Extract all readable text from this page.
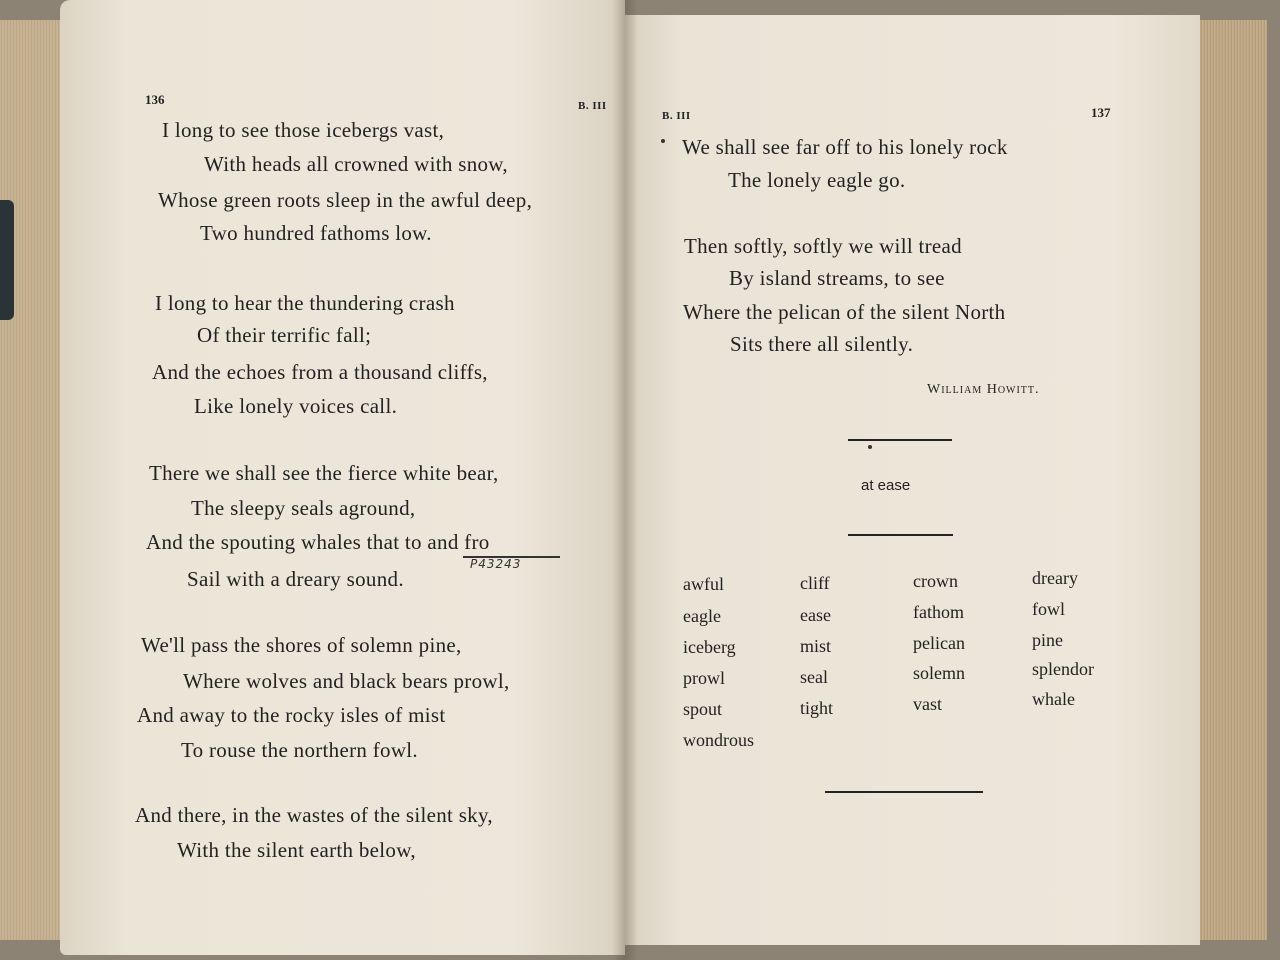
136	B. III
I long to see those icebergs vast,
With heads all crowned with snow,
Whose green roots sleep in the awful deep,
Two hundred fathoms low.
I long to hear the thundering crash
Of their terrific fall;
And the echoes from a thousand cliffs,
Like lonely voices call.
There we shall see the fierce white bear,
The sleepy seals aground,
And the spouting whales that to and fro
P43243
Sail with a dreary sound.
We'll pass the shores of solemn pine,
Where wolves and black bears prowl,
And away to the rocky isles of mist
To rouse the northern fowl.
And there, in the wastes of the silent sky,
With the silent earth below,
B. III	137
We shall see far off to his lonely rock
The lonely eagle go.
Then softly, softly we will tread
By island streams, to see
Where the pelican of the silent North
Sits there all silently.
William Howitt.
at ease
awful
eagle
iceberg
prowl
spout
wondrous
cliff
ease
mist
seal
tight
crown
fathom
pelican
solemn
vast
dreary
fowl
pine
splendor
whale
